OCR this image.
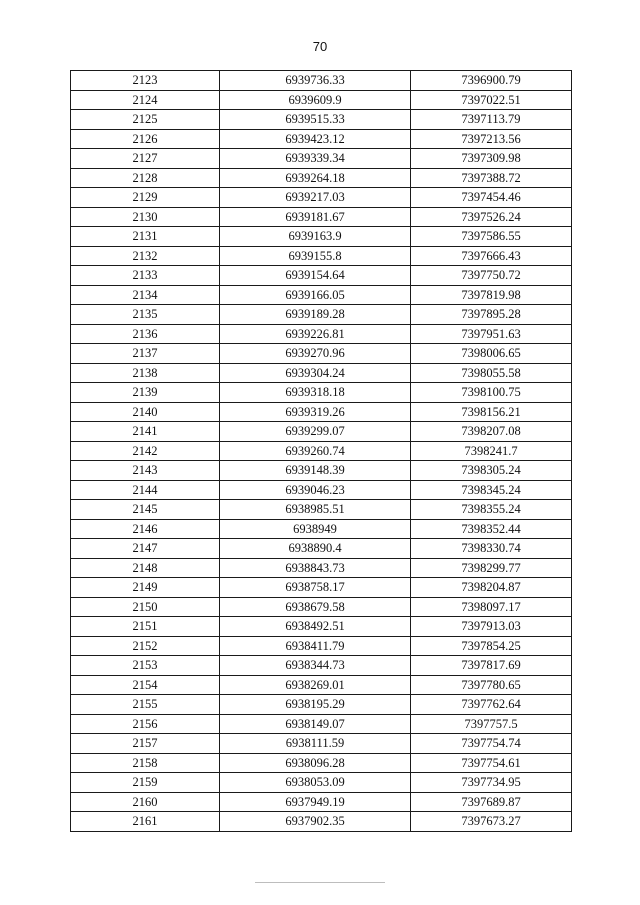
70
2123	6939736.33	7396900.79
2124	6939609.9	7397022.51
2125	6939515.33	7397113.79
2126	6939423.12	7397213.56
2127	6939339.34	7397309.98
2128	6939264.18	7397388.72
2129	6939217.03	7397454.46
2130	6939181.67	7397526.24
2131	6939163.9	7397586.55
2132	6939155.8	7397666.43
2133	6939154.64	7397750.72
2134	6939166.05	7397819.98
2135	6939189.28	7397895.28
2136	6939226.81	7397951.63
2137	6939270.96	7398006.65
2138	6939304.24	7398055.58
2139	6939318.18	7398100.75
2140	6939319.26	7398156.21
2141	6939299.07	7398207.08
2142	6939260.74	7398241.7
2143	6939148.39	7398305.24
2144	6939046.23	7398345.24
2145	6938985.51	7398355.24
2146	6938949	7398352.44
2147	6938890.4	7398330.74
2148	6938843.73	7398299.77
2149	6938758.17	7398204.87
2150	6938679.58	7398097.17
2151	6938492.51	7397913.03
2152	6938411.79	7397854.25
2153	6938344.73	7397817.69
2154	6938269.01	7397780.65
2155	6938195.29	7397762.64
2156	6938149.07	7397757.5
2157	6938111.59	7397754.74
2158	6938096.28	7397754.61
2159	6938053.09	7397734.95
2160	6937949.19	7397689.87
2161	6937902.35	7397673.27
